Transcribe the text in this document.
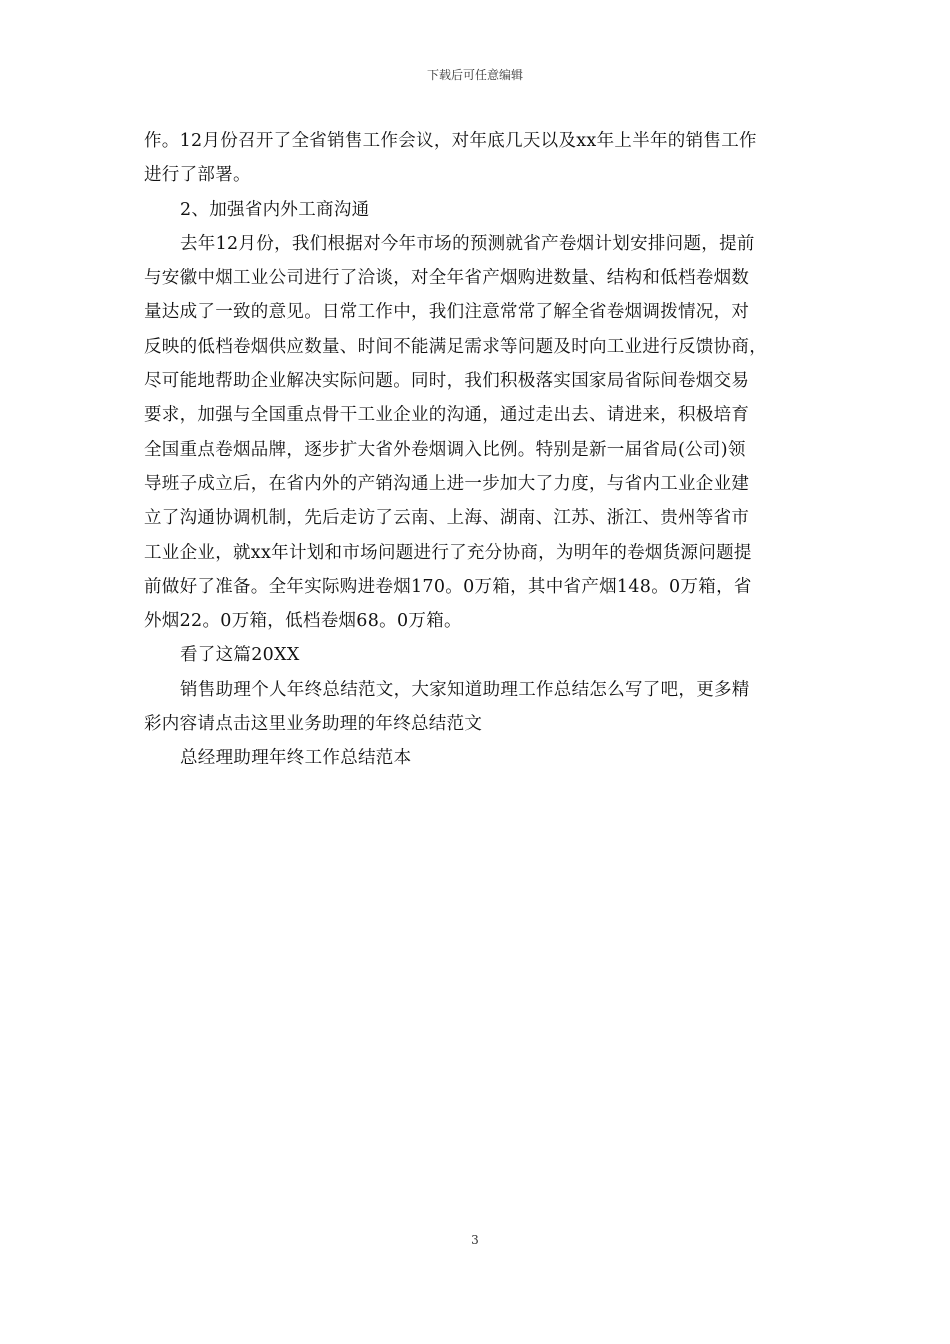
下载后可任意编辑
作。12月份召开了全省销售工作会议，对年底几天以及xx年上半年的销售工作
进行了部署。
2、加强省内外工商沟通
去年12月份，我们根据对今年市场的预测就省产卷烟计划安排问题，提前
与安徽中烟工业公司进行了洽谈，对全年省产烟购进数量、结构和低档卷烟数
量达成了一致的意见。日常工作中，我们注意常常了解全省卷烟调拨情况，对
反映的低档卷烟供应数量、时间不能满足需求等问题及时向工业进行反馈协商，
尽可能地帮助企业解决实际问题。同时，我们积极落实国家局省际间卷烟交易
要求，加强与全国重点骨干工业企业的沟通，通过走出去、请进来，积极培育
全国重点卷烟品牌，逐步扩大省外卷烟调入比例。特别是新一届省局(公司)领
导班子成立后，在省内外的产销沟通上进一步加大了力度，与省内工业企业建
立了沟通协调机制，先后走访了云南、上海、湖南、江苏、浙江、贵州等省市
工业企业，就xx年计划和市场问题进行了充分协商，为明年的卷烟货源问题提
前做好了准备。全年实际购进卷烟170。0万箱，其中省产烟148。0万箱，省
外烟22。0万箱，低档卷烟68。0万箱。
看了这篇20XX
销售助理个人年终总结范文，大家知道助理工作总结怎么写了吧，更多精
彩内容请点击这里业务助理的年终总结范文
总经理助理年终工作总结范本
3
